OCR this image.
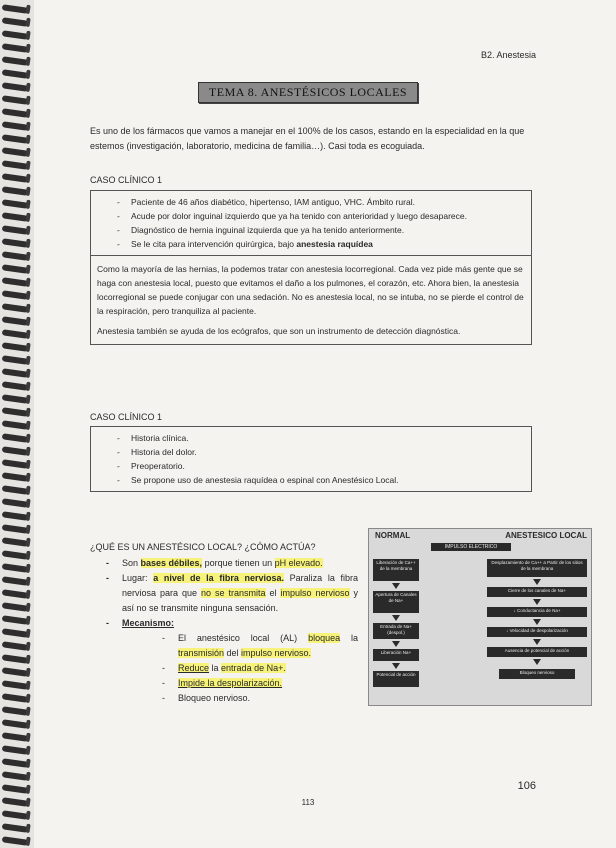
B2. Anestesia
TEMA 8. ANESTÉSICOS LOCALES
Es uno de los fármacos que vamos a manejar en el 100% de los casos, estando en la especialidad en la que estemos (investigación, laboratorio, medicina de familia…). Casi toda es ecoguiada.
CASO CLÍNICO 1
- Paciente de 46 años diabético, hipertenso, IAM antiguo, VHC. Ámbito rural.
- Acude por dolor inguinal izquierdo que ya ha tenido con anterioridad y luego desaparece.
- Diagnóstico de hernia inguinal izquierda que ya ha tenido anteriormente.
- Se le cita para intervención quirúrgica, bajo anestesia raquídea
Como la mayoría de las hernias, la podemos tratar con anestesia locorregional. Cada vez pide más gente que se haga con anestesia local, puesto que evitamos el daño a los pulmones, el corazón, etc. Ahora bien, la anestesia locorregional se puede conjugar con una sedación. No es anestesia local, no se intuba, no se pierde el control de la respiración, pero tranquiliza al paciente.
Anestesia también se ayuda de los ecógrafos, que son un instrumento de detección diagnóstica.
CASO CLÍNICO 1
- Historia clínica.
- Historia del dolor.
- Preoperatorio.
- Se propone uso de anestesia raquídea o espinal con Anestésico Local.
¿QUÉ ES UN ANESTÉSICO LOCAL? ¿CÓMO ACTÚA?
- Son bases débiles, porque tienen un pH elevado.
- Lugar: a nivel de la fibra nerviosa. Paraliza la fibra nerviosa para que no se transmita el impulso nervioso y así no se transmite ninguna sensación.
- Mecanismo:
- El anestésico local (AL) bloquea la transmisión del impulso nervioso.
- Reduce la entrada de Na+.
- Impide la despolarización.
- Bloqueo nervioso.
NORMAL	ANESTESICO LOCAL
IMPULSO ELECTRICO
Liberación de Ca++ de la membrana
Apertura de Canales de Na+
Entrada de Na+ (despol.)
Liberación Na+
Potencial de acción
Desplazamiento de Ca++ a Partir de los sitios de la membrana
Cierre de los canales de Na+
↓ Conductancia de Na+
↓ Velocidad de despolarización
Ausencia de potencial de acción
Bloqueo nervioso
106
113
